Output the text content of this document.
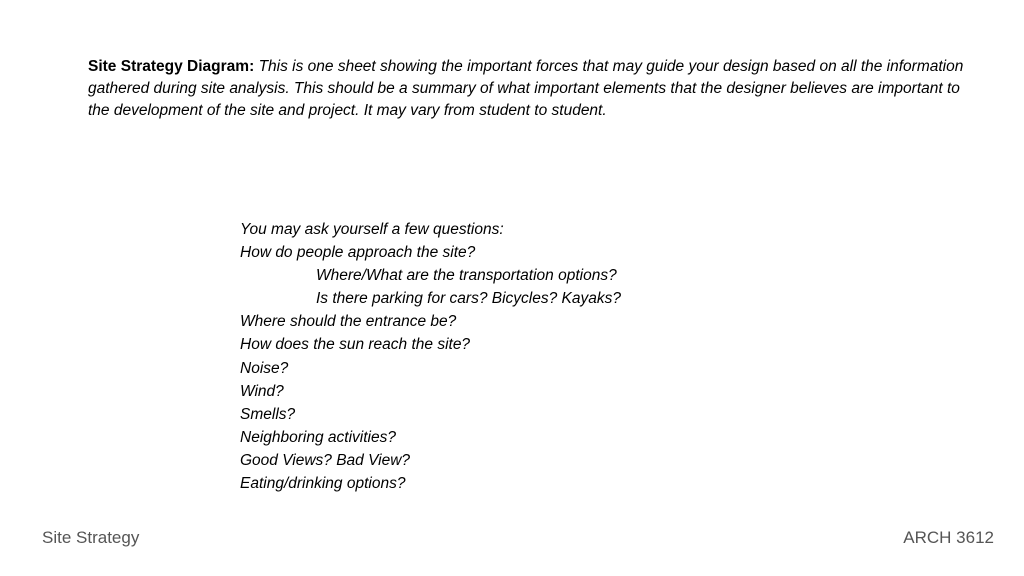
Site Strategy Diagram: This is one sheet showing the important forces that may guide your design based on all the information gathered during site analysis. This should be a summary of what important elements that the designer believes are important to the development of the site and project. It may vary from student to student.

You may ask yourself a few questions:
How do people approach the site?
Where/What are the transportation options?
Is there parking for cars? Bicycles? Kayaks?
Where should the entrance be?
How does the sun reach the site?
Noise?
Wind?
Smells?
Neighboring activities?
Good Views? Bad View?
Eating/drinking options?
Site Strategy	ARCH 3612
